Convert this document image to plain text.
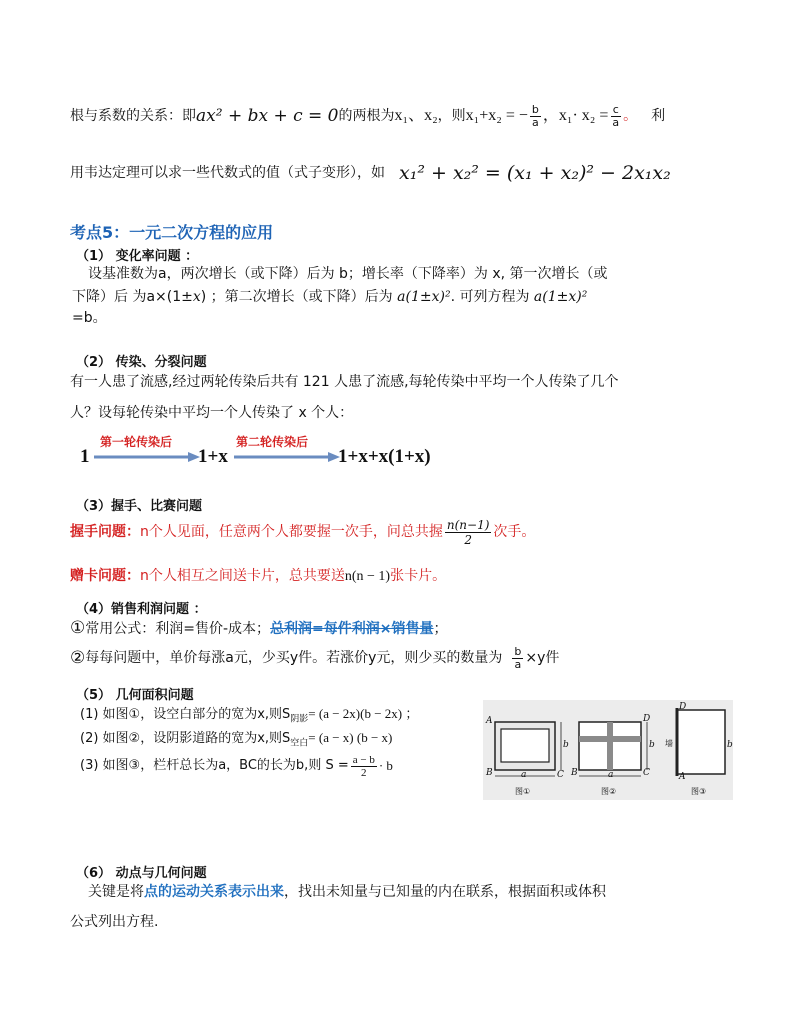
根与系数的关系：即 ax² + bx + c = 0 的两根为 x₁、x₂ ，则 x₁+x₂ = − $\frac{b}{a}$ ，$x_1\cdot x_2 = \frac{c}{a}$ 。 利
用韦达定理可以求一些代数式的值（式子变形），如 x₁² + x₂² = (x₁ + x₂)² − 2x₁x₂
考点5：一元二次方程的应用
（1） 变化率问题 ：
设基准数为a，两次增长（或下降）后为 b；增长率（下降率）为 x, 第一次增长（或
下降）后 为a×(1±x) ；第二次增长（或下降）后为 a(1±x)². 可列方程为 a(1±x)²
=b。
（2） 传染、分裂问题
有一人患了流感,经过两轮传染后共有 121 人患了流感,每轮传染中平均一个人传染了几个
人？设每轮传染中平均一个人传染了 x 个人：
1
第一轮传染后
1+x
第二轮传染后
1+x+x(1+x)
（3）握手、比赛问题
握手问题： n个人见面，任意两个人都要握一次手，问总共握 $\frac{n(n-1)}{2}$ 次手。
赠卡问题：n个人相互之间送卡片，总共要送n(n − 1)张卡片。
（4）销售利润问题 ：
①常用公式：利润=售价-成本；总利润=每件利润×销售量；
② 每每问题中，单价每涨a元，少买y件。若涨价y元，则少买的数量为 $\frac{b}{a} \times y$件
（5） 几何面积问题
(1) 如图①，设空白部分的宽为x,则$S_{阴影}= (a - 2x)(b - 2x)$ ；
(2) 如图②，设阴影道路的宽为x,则$S_{空白}= (a - x) (b - x)$
(3) 如图③，栏杆总长为a，BC的长为b,则 $S = \frac{a - b}{2} \cdot b$
A
B	C
a
b
图①
D
B	C
a
b
图②
D
A
b
墙
图③
（6） 动点与几何问题
关键是将点的运动关系表示出来，找出未知量与已知量的内在联系，根据面积或体积
公式列出方程.
